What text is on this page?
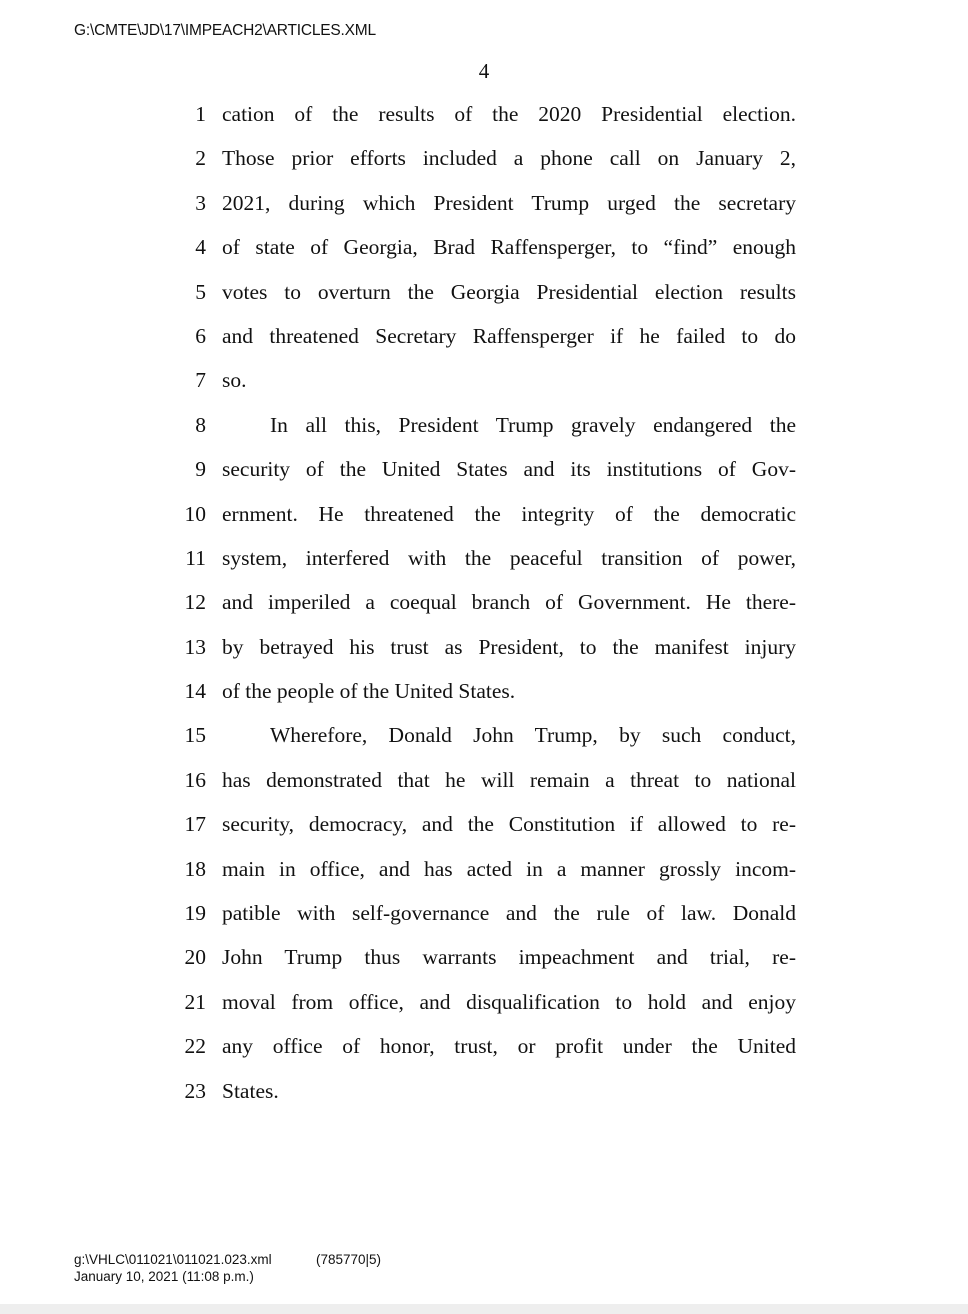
G:\CMTE\JD\17\IMPEACH2\ARTICLES.XML
4
1 cation of the results of the 2020 Presidential election.
2 Those prior efforts included a phone call on January 2,
3 2021, during which President Trump urged the secretary
4 of state of Georgia, Brad Raffensperger, to “find” enough
5 votes to overturn the Georgia Presidential election results
6 and threatened Secretary Raffensperger if he failed to do
7 so.
8	In all this, President Trump gravely endangered the
9 security of the United States and its institutions of Gov-
10 ernment. He threatened the integrity of the democratic
11 system, interfered with the peaceful transition of power,
12 and imperiled a coequal branch of Government. He there-
13 by betrayed his trust as President, to the manifest injury
14 of the people of the United States.
15	Wherefore, Donald John Trump, by such conduct,
16 has demonstrated that he will remain a threat to national
17 security, democracy, and the Constitution if allowed to re-
18 main in office, and has acted in a manner grossly incom-
19 patible with self-governance and the rule of law. Donald
20 John Trump thus warrants impeachment and trial, re-
21 moval from office, and disqualification to hold and enjoy
22 any office of honor, trust, or profit under the United
23 States.
g:\VHLC\011021\011021.023.xml	(785770|5)
January 10, 2021 (11:08 p.m.)
